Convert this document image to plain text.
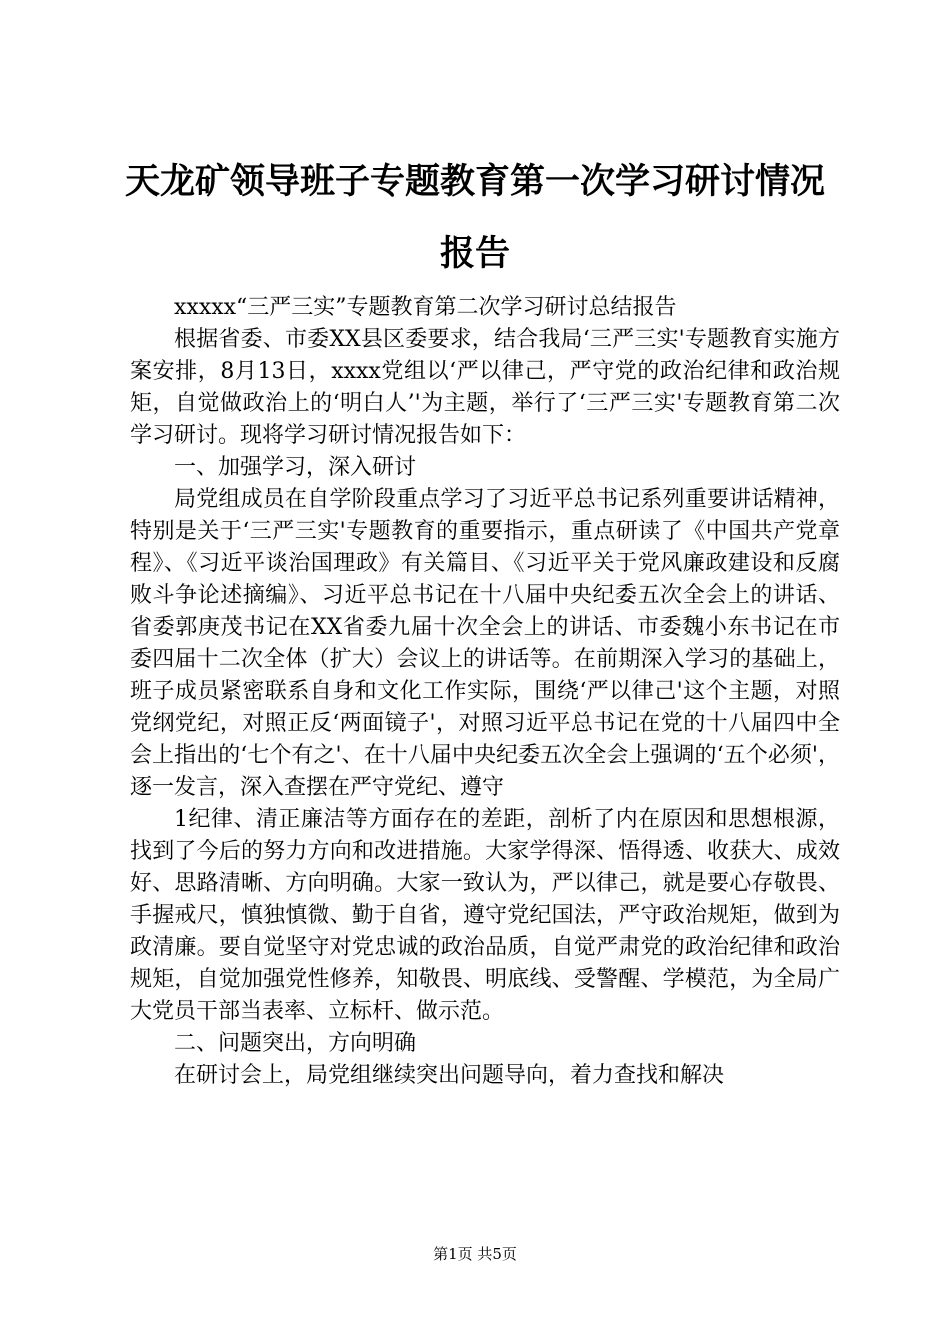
天龙矿领导班子专题教育第一次学习研讨情况报告

xxxxx“三严三实”专题教育第二次学习研讨总结报告

根据省委、市委XX县区委要求，结合我局‘三严三实'专题教育实施方案安排，8月13日，xxxx党组以‘严以律己，严守党的政治纪律和政治规矩，自觉做政治上的‘明白人’'为主题，举行了‘三严三实'专题教育第二次学习研讨。现将学习研讨情况报告如下：

一、加强学习，深入研讨

局党组成员在自学阶段重点学习了习近平总书记系列重要讲话精神，特别是关于‘三严三实'专题教育的重要指示，重点研读了《中国共产党章程》、《习近平谈治国理政》有关篇目、《习近平关于党风廉政建设和反腐败斗争论述摘编》、习近平总书记在十八届中央纪委五次全会上的讲话、省委郭庚茂书记在XX省委九届十次全会上的讲话、市委魏小东书记在市委四届十二次全体（扩大）会议上的讲话等。在前期深入学习的基础上，班子成员紧密联系自身和文化工作实际，围绕‘严以律己'这个主题，对照党纲党纪，对照正反‘两面镜子'，对照习近平总书记在党的十八届四中全会上指出的‘七个有之'、在十八届中央纪委五次全会上强调的‘五个必须'，逐一发言，深入查摆在严守党纪、遵守

1纪律、清正廉洁等方面存在的差距，剖析了内在原因和思想根源，找到了今后的努力方向和改进措施。大家学得深、悟得透、收获大、成效好、思路清晰、方向明确。大家一致认为，严以律己，就是要心存敬畏、手握戒尺，慎独慎微、勤于自省，遵守党纪国法，严守政治规矩，做到为政清廉。要自觉坚守对党忠诚的政治品质，自觉严肃党的政治纪律和政治规矩，自觉加强党性修养，知敬畏、明底线、受警醒、学模范，为全局广大党员干部当表率、立标杆、做示范。

二、问题突出，方向明确

在研讨会上，局党组继续突出问题导向，着力查找和解决

第1页 共5页
